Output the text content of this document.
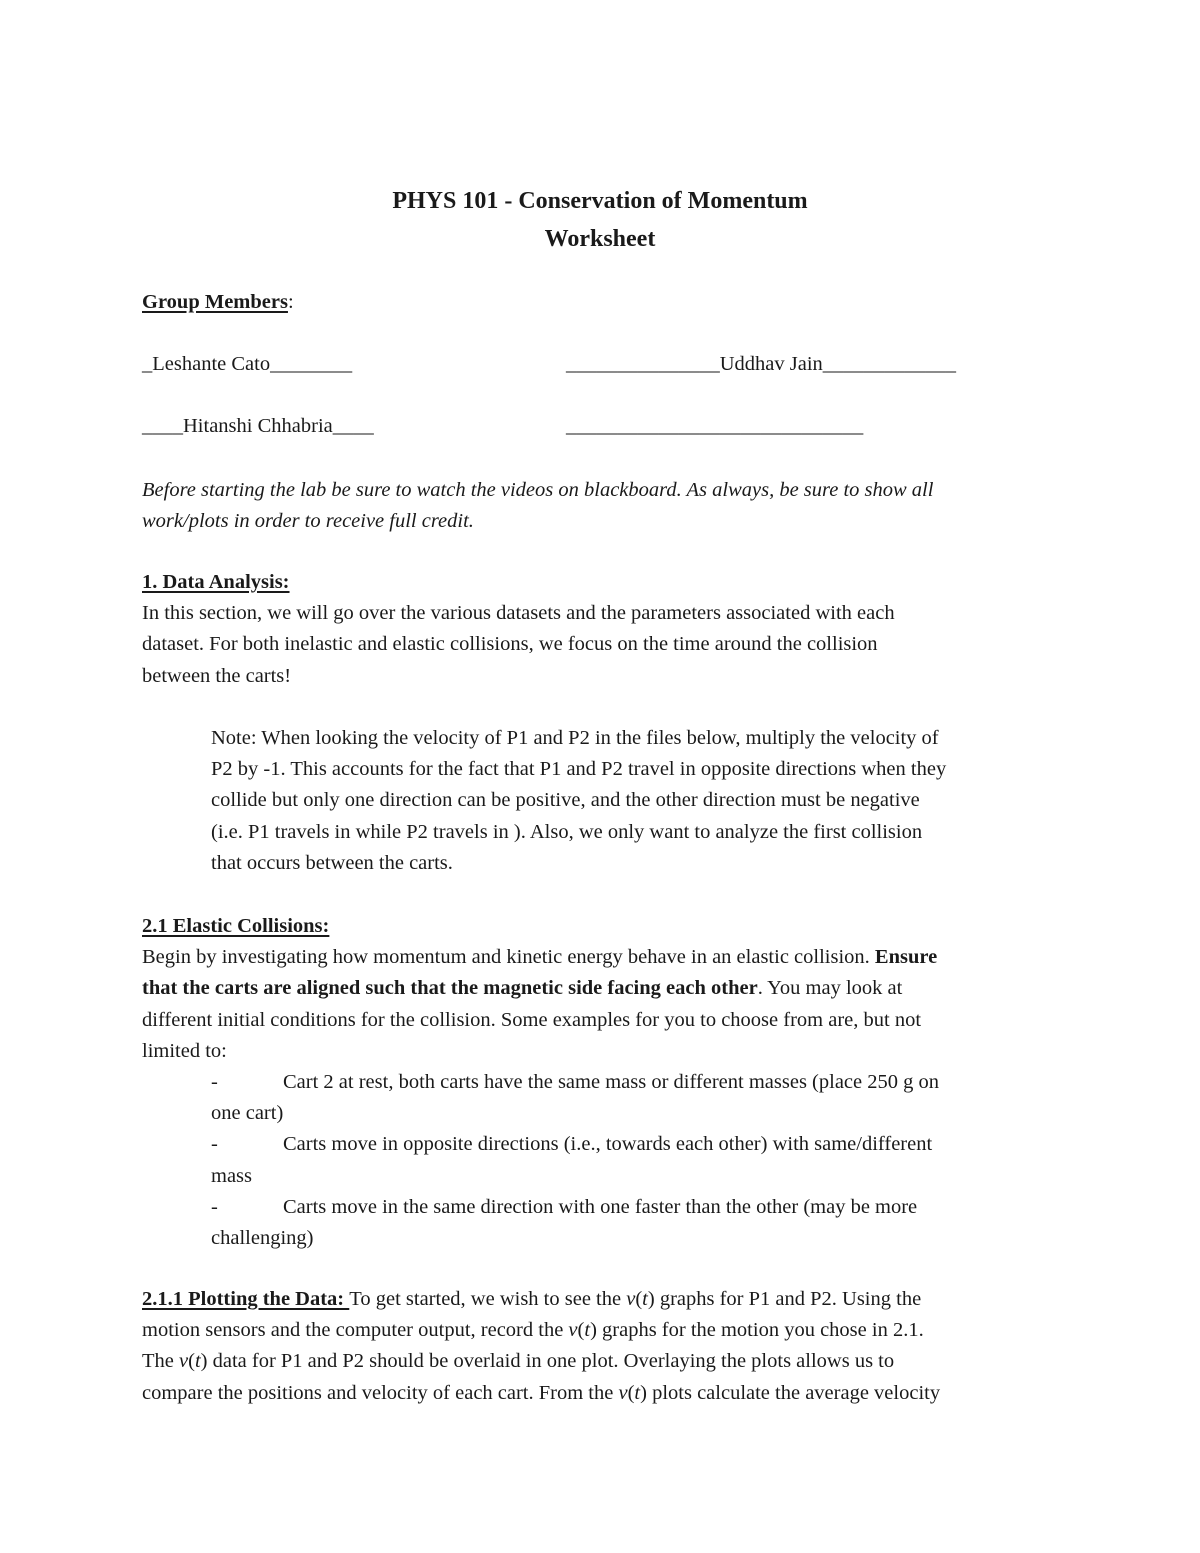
PHYS 101 - Conservation of Momentum
Worksheet
Group Members:
_Leshante Cato________	_______________Uddhav Jain_____________
____Hitanshi Chhabria____	_____________________________
Before starting the lab be sure to watch the videos on blackboard. As always, be sure to show all
work/plots in order to receive full credit.
1. Data Analysis:
In this section, we will go over the various datasets and the parameters associated with each
dataset. For both inelastic and elastic collisions, we focus on the time around the collision
between the carts!
Note: When looking the velocity of P1 and P2 in the files below, multiply the velocity of
P2 by -1. This accounts for the fact that P1 and P2 travel in opposite directions when they
collide but only one direction can be positive, and the other direction must be negative
(i.e. P1 travels in while P2 travels in ). Also, we only want to analyze the first collision
that occurs between the carts.
2.1 Elastic Collisions:
Begin by investigating how momentum and kinetic energy behave in an elastic collision. Ensure
that the carts are aligned such that the magnetic side facing each other. You may look at
different initial conditions for the collision. Some examples for you to choose from are, but not
limited to:
-	Cart 2 at rest, both carts have the same mass or different masses (place 250 g on
one cart)
-	Carts move in opposite directions (i.e., towards each other) with same/different
mass
-	Carts move in the same direction with one faster than the other (may be more
challenging)
2.1.1 Plotting the Data: To get started, we wish to see the v(t) graphs for P1 and P2. Using the
motion sensors and the computer output, record the v(t) graphs for the motion you chose in 2.1.
The v(t) data for P1 and P2 should be overlaid in one plot. Overlaying the plots allows us to
compare the positions and velocity of each cart. From the v(t) plots calculate the average velocity
